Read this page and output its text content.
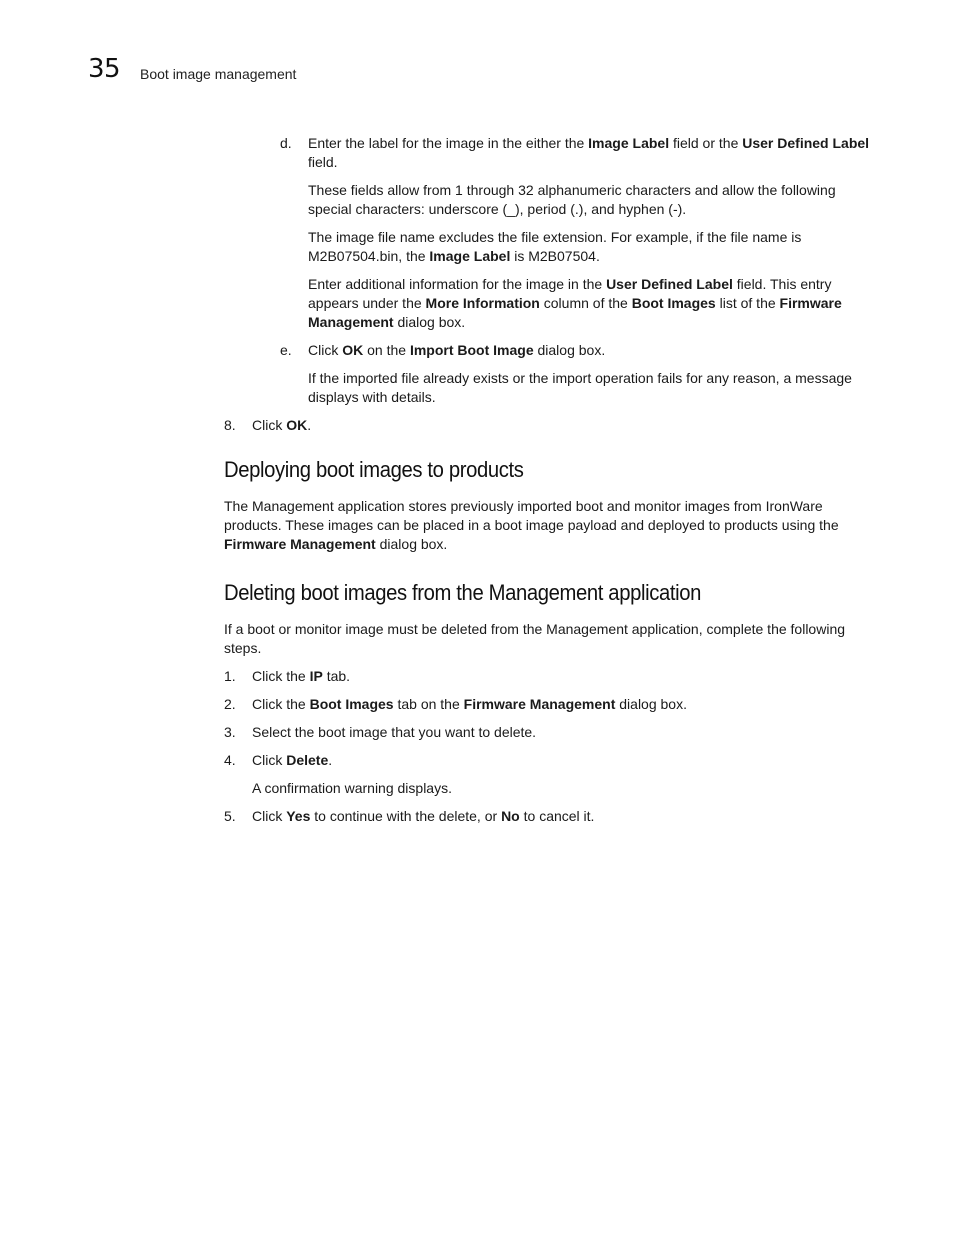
35 Boot image management
d. Enter the label for the image in the either the Image Label field or the User Defined Label field.

These fields allow from 1 through 32 alphanumeric characters and allow the following special characters: underscore (_), period (.), and hyphen (-).

The image file name excludes the file extension. For example, if the file name is M2B07504.bin, the Image Label is M2B07504.

Enter additional information for the image in the User Defined Label field. This entry appears under the More Information column of the Boot Images list of the Firmware Management dialog box.

e. Click OK on the Import Boot Image dialog box.

If the imported file already exists or the import operation fails for any reason, a message displays with details.

8. Click OK.
Deploying boot images to products

The Management application stores previously imported boot and monitor images from IronWare products. These images can be placed in a boot image payload and deployed to products using the Firmware Management dialog box.

Deleting boot images from the Management application

If a boot or monitor image must be deleted from the Management application, complete the following steps.

1. Click the IP tab.
2. Click the Boot Images tab on the Firmware Management dialog box.
3. Select the boot image that you want to delete.
4. Click Delete.

A confirmation warning displays.

5. Click Yes to continue with the delete, or No to cancel it.
